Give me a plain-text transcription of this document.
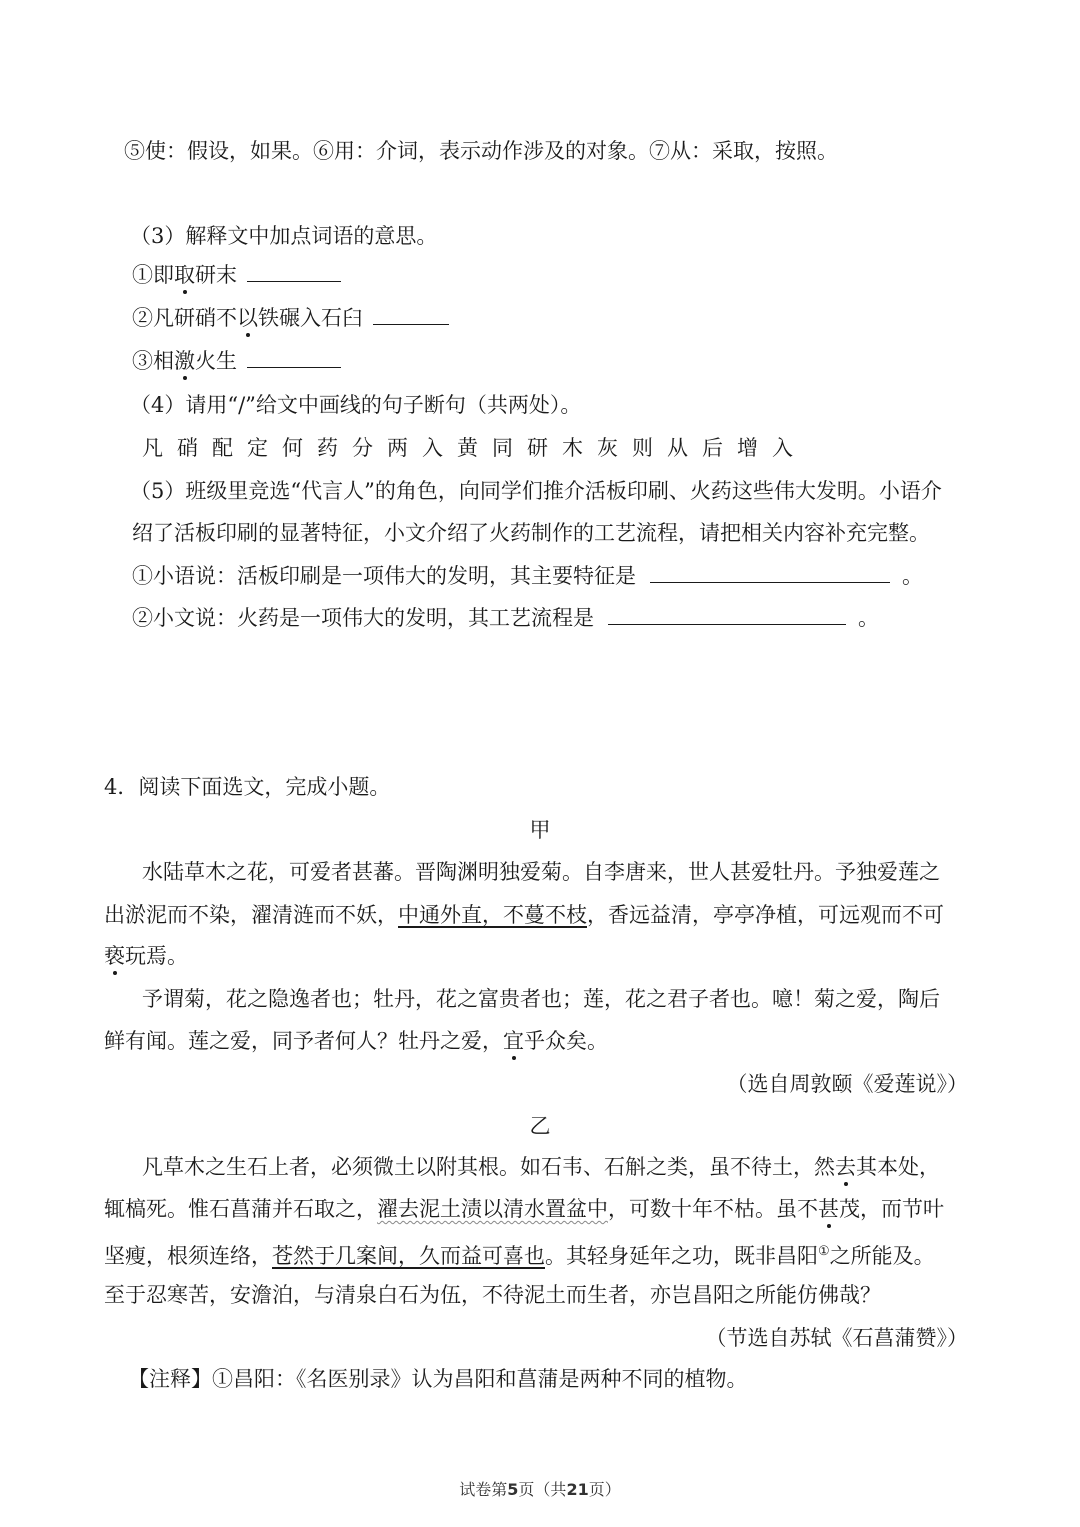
⑤使：假设，如果。⑥用：介词，表示动作涉及的对象。⑦从：采取，按照。
（3）解释文中加点词语的意思。
①即取研末
②凡研硝不以铁碾入石臼
③相激火生
（4）请用“/”给文中画线的句子断句（共两处）。
凡硝配定何药分两入黄同研木灰则从后增入
（5）班级里竞选“代言人”的角色，向同学们推介活板印刷、火药这些伟大发明。小语介
绍了活板印刷的显著特征，小文介绍了火药制作的工艺流程，请把相关内容补充完整。
①小语说：活板印刷是一项伟大的发明，其主要特征是	。
②小文说：火药是一项伟大的发明，其工艺流程是	。
4．阅读下面选文，完成小题。
甲
水陆草木之花，可爱者甚蕃。晋陶渊明独爱菊。自李唐来，世人甚爱牡丹。予独爱莲之
出淤泥而不染，濯清涟而不妖，中通外直，不蔓不枝，香远益清，亭亭净植，可远观而不可
亵玩焉。
予谓菊，花之隐逸者也；牡丹，花之富贵者也；莲，花之君子者也。噫！菊之爱，陶后
鲜有闻。莲之爱，同予者何人？牡丹之爱，宜乎众矣。
（选自周敦颐《爱莲说》）
乙
凡草木之生石上者，必须微土以附其根。如石韦、石斛之类，虽不待土，然去其本处，
辄槁死。惟石菖蒲并石取之，濯去泥土渍以清水置盆中，可数十年不枯。虽不甚茂，而节叶
坚瘦，根须连络，苍然于几案间，久而益可喜也。其轻身延年之功，既非昌阳①之所能及。
至于忍寒苦，安澹泊，与清泉白石为伍，不待泥土而生者，亦岂昌阳之所能仿佛哉？
（节选自苏轼《石菖蒲赞》）
【注释】①昌阳：《名医别录》认为昌阳和菖蒲是两种不同的植物。
试卷第5页（共21页）
